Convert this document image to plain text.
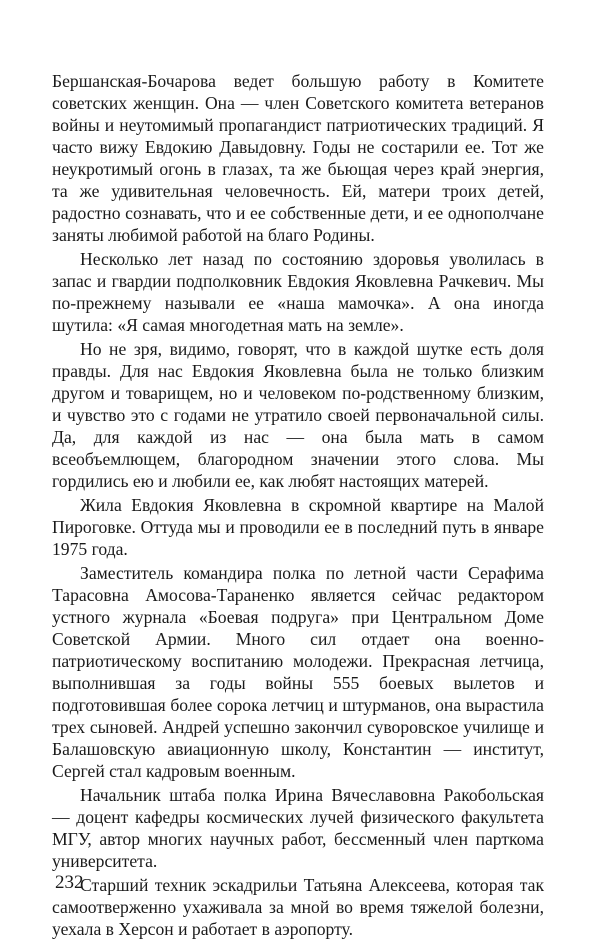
Бершанская-Бочарова ведет большую работу в Комитете советских женщин. Она — член Советского комитета ветеранов войны и неутомимый пропагандист патриотических традиций. Я часто вижу Евдокию Давыдовну. Годы не состарили ее. Тот же неукротимый огонь в глазах, та же бьющая через край энергия, та же удивительная человечность. Ей, матери троих детей, радостно сознавать, что и ее собственные дети, и ее однополчане заняты любимой работой на благо Родины.

Несколько лет назад по состоянию здоровья уволилась в запас и гвардии подполковник Евдокия Яковлевна Рачкевич. Мы по-прежнему называли ее «наша мамочка». А она иногда шутила: «Я самая многодетная мать на земле».

Но не зря, видимо, говорят, что в каждой шутке есть доля правды. Для нас Евдокия Яковлевна была не только близким другом и товарищем, но и человеком по-родственному близким, и чувство это с годами не утратило своей первоначальной силы. Да, для каждой из нас — она была мать в самом всеобъемлющем, благородном значении этого слова. Мы гордились ею и любили ее, как любят настоящих матерей.

Жила Евдокия Яковлевна в скромной квартире на Малой Пироговке. Оттуда мы и проводили ее в последний путь в январе 1975 года.

Заместитель командира полка по летной части Серафима Тарасовна Амосова-Тараненко является сейчас редактором устного журнала «Боевая подруга» при Центральном Доме Советской Армии. Много сил отдает она военно-патриотическому воспитанию молодежи. Прекрасная летчица, выполнившая за годы войны 555 боевых вылетов и подготовившая более сорока летчиц и штурманов, она вырастила трех сыновей. Андрей успешно закончил суворовское училище и Балашовскую авиационную школу, Константин — институт, Сергей стал кадровым военным.

Начальник штаба полка Ирина Вячеславовна Ракобольская — доцент кафедры космических лучей физического факультета МГУ, автор многих научных работ, бессменный член парткома университета.

Старший техник эскадрильи Татьяна Алексеева, которая так самоотверженно ухаживала за мной во время тяжелой болезни, уехала в Херсон и работает в аэропорту.

232
